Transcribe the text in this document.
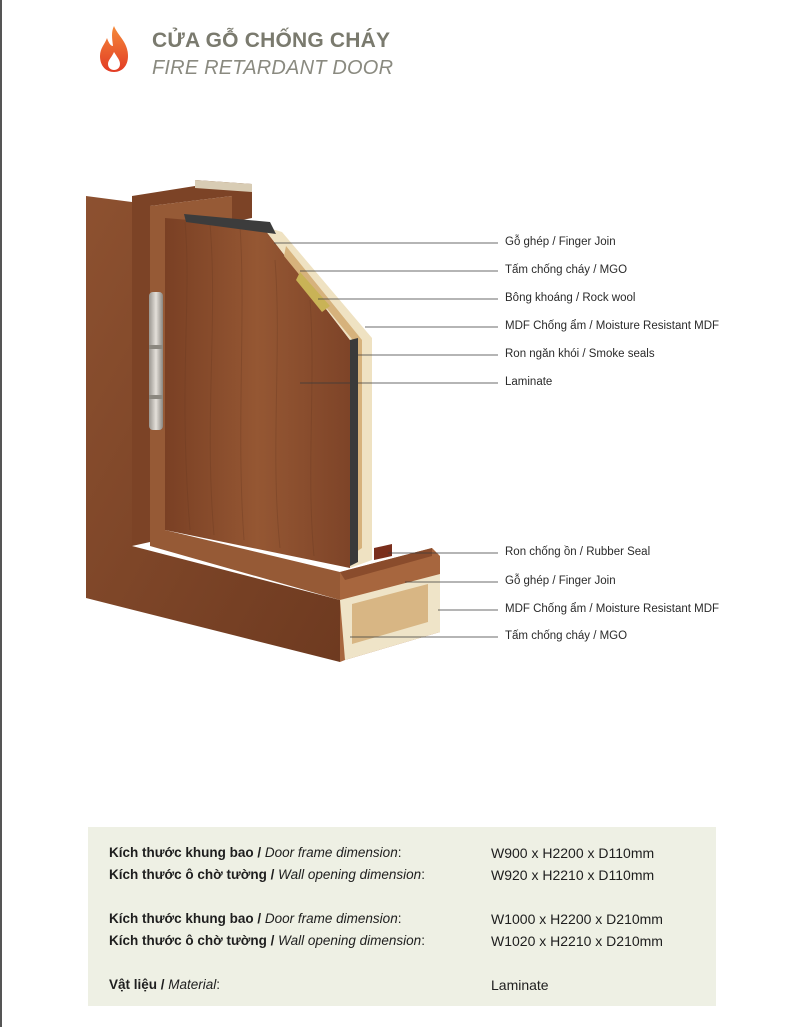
CỬA GỖ CHỐNG CHÁY
FIRE RETARDANT DOOR
Gỗ ghép / Finger Join
Tấm chống cháy / MGO
Bông khoáng / Rock wool
MDF Chống ẩm / Moisture Resistant MDF
Ron ngăn khói / Smoke seals
Laminate
Ron chống ồn / Rubber Seal
Gỗ ghép / Finger Join
MDF Chống ẩm / Moisture Resistant MDF
Tấm chống cháy / MGO
Kích thước khung bao / Door frame dimension:	W900 x H2200 x D110mm
Kích thước ô chờ tường / Wall opening dimension:	W920 x H2210 x D110mm
Kích thước khung bao / Door frame dimension:	W1000 x H2200 x D210mm
Kích thước ô chờ tường / Wall opening dimension:	W1020 x H2210 x D210mm
Vật liệu / Material:	Laminate
